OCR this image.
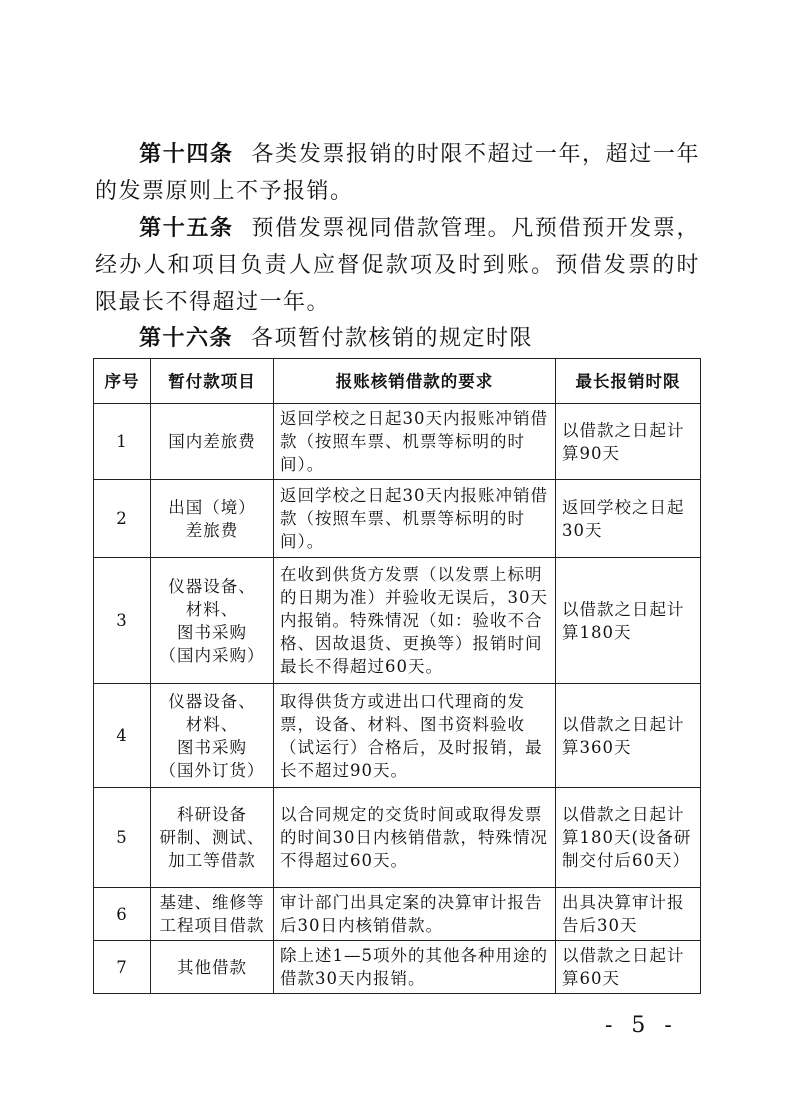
第十四条 各类发票报销的时限不超过一年，超过一年的发票原则上不予报销。

第十五条 预借发票视同借款管理。凡预借预开发票，经办人和项目负责人应督促款项及时到账。预借发票的时限最长不得超过一年。

第十六条 各项暂付款核销的规定时限

序号	暂付款项目	报账核销借款的要求	最长报销时限
1	国内差旅费	返回学校之日起30天内报账冲销借款（按照车票、机票等标明的时间）。	以借款之日起计算90天
2	出国（境）
差旅费	返回学校之日起30天内报账冲销借款（按照车票、机票等标明的时间）。	返回学校之日起30天
3	仪器设备、
材料、
图书采购
（国内采购）	在收到供货方发票（以发票上标明的日期为准）并验收无误后，30天内报销。特殊情况（如：验收不合格、因故退货、更换等）报销时间最长不得超过60天。	以借款之日起计算180天
4	仪器设备、
材料、
图书采购
（国外订货）	取得供货方或进出口代理商的发票，设备、材料、图书资料验收（试运行）合格后，及时报销，最长不超过90天。	以借款之日起计算360天
5	科研设备
研制、测试、
加工等借款	以合同规定的交货时间或取得发票的时间30日内核销借款，特殊情况不得超过60天。	以借款之日起计算180天(设备研制交付后60天）
6	基建、维修等
工程项目借款	审计部门出具定案的决算审计报告后30日内核销借款。	出具决算审计报告后30天
7	其他借款	除上述1—5项外的其他各种用途的借款30天内报销。	以借款之日起计算60天
- 5 -
